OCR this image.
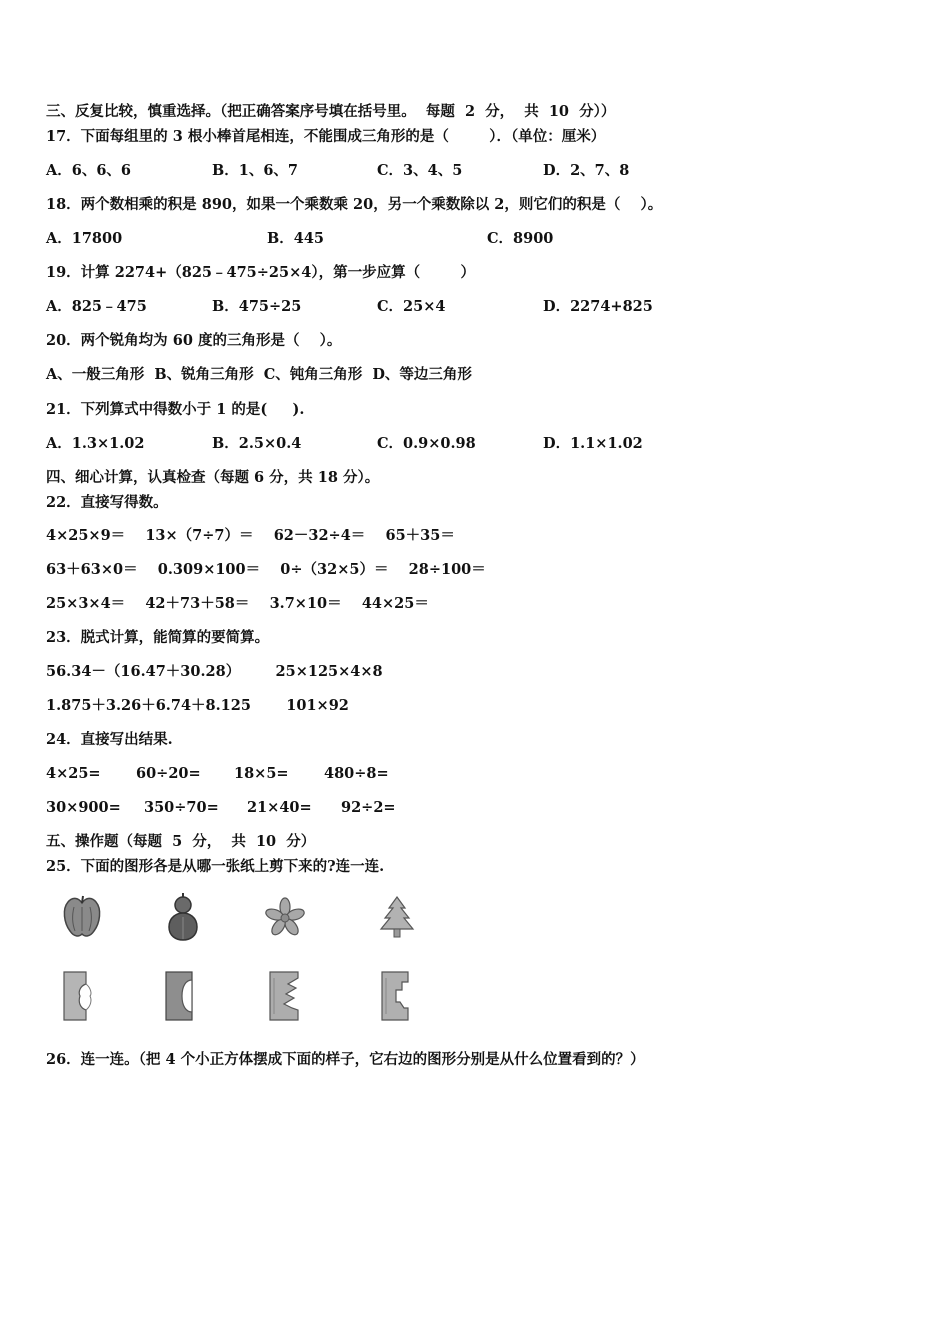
三、反复比较，慎重选择。（把正确答案序号填在括号里。  每题  2  分，  共  10  分））
17．下面每组里的 3 根小棒首尾相连，不能围成三角形的是（        ）．（单位：厘米）
A．6、6、6	B．1、6、7	C．3、4、5	D．2、7、8
18．两个数相乘的积是 890，如果一个乘数乘 20，另一个乘数除以 2，则它们的积是（    ）。
A．17800	B．445	C．8900
19．计算 2274+（825﹣475÷25×4），第一步应算（        ）
A．825﹣475	B．475÷25	C．25×4	D．2274+825
20．两个锐角均为 60 度的三角形是（    ）。
A、一般三角形  B、锐角三角形  C、钝角三角形  D、等边三角形
21．下列算式中得数小于 1 的是(     ).
A．1.3×1.02	B．2.5×0.4	C．0.9×0.98	D．1.1×1.02
四、细心计算，认真检查（每题 6 分，共 18 分）。
22．直接写得数。
4×25×9＝    13×（7÷7）＝    62－32÷4＝    65＋35＝
63＋63×0＝    0.309×100＝    0÷（32×5）＝    28÷100＝
25×3×4＝    42＋73＋58＝    3.7×10＝    44×25＝
23．脱式计算，能简算的要简算。
56.34－（16.47＋30.28）       25×125×4×8
1.875＋3.26＋6.74＋8.125       101×92
24．直接写出结果.
4×25= 60÷20= 18×5= 480÷8=
30×900= 350÷70= 21×40= 92÷2=
五、操作题（每题  5  分，  共  10  分）
25．下面的图形各是从哪一张纸上剪下来的?连一连.
26．连一连。（把 4 个小正方体摆成下面的样子，它右边的图形分别是从什么位置看到的？）
